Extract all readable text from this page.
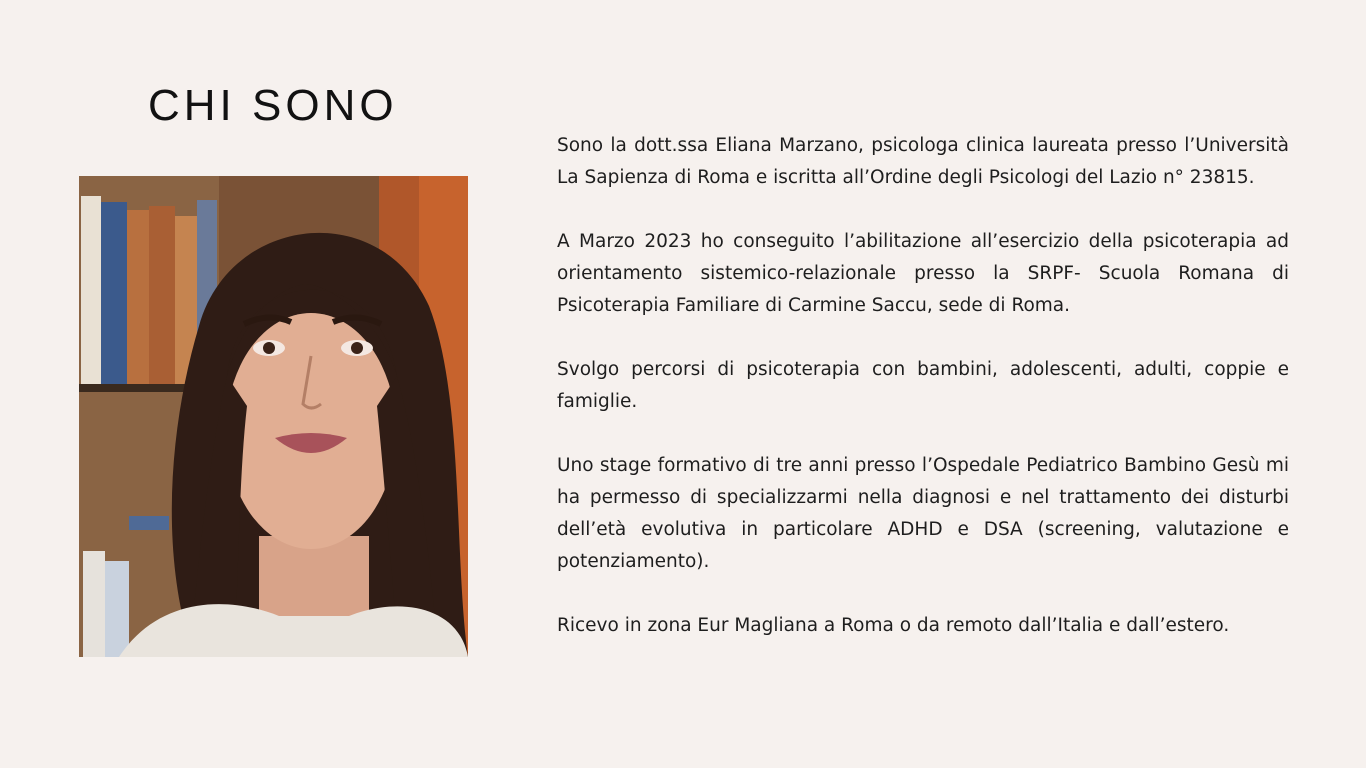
CHI SONO

Sono la dott.ssa Eliana Marzano, psicologa clinica laureata presso l’Università La Sapienza di Roma e iscritta all’Ordine degli Psicologi del Lazio n° 23815.

A Marzo 2023 ho conseguito l’abilitazione all’esercizio della psicoterapia ad orientamento sistemico-relazionale presso la SRPF- Scuola Romana di Psicoterapia Familiare di Carmine Saccu, sede di Roma.

Svolgo percorsi di psicoterapia con bambini, adolescenti, adulti, coppie e famiglie.

Uno stage formativo di tre anni presso l’Ospedale Pediatrico Bambino Gesù mi ha permesso di specializzarmi nella diagnosi e nel trattamento dei disturbi dell’età evolutiva in particolare ADHD e DSA (screening, valutazione e potenziamento).

Ricevo in zona Eur Magliana a Roma o da remoto dall’Italia e dall’estero.
